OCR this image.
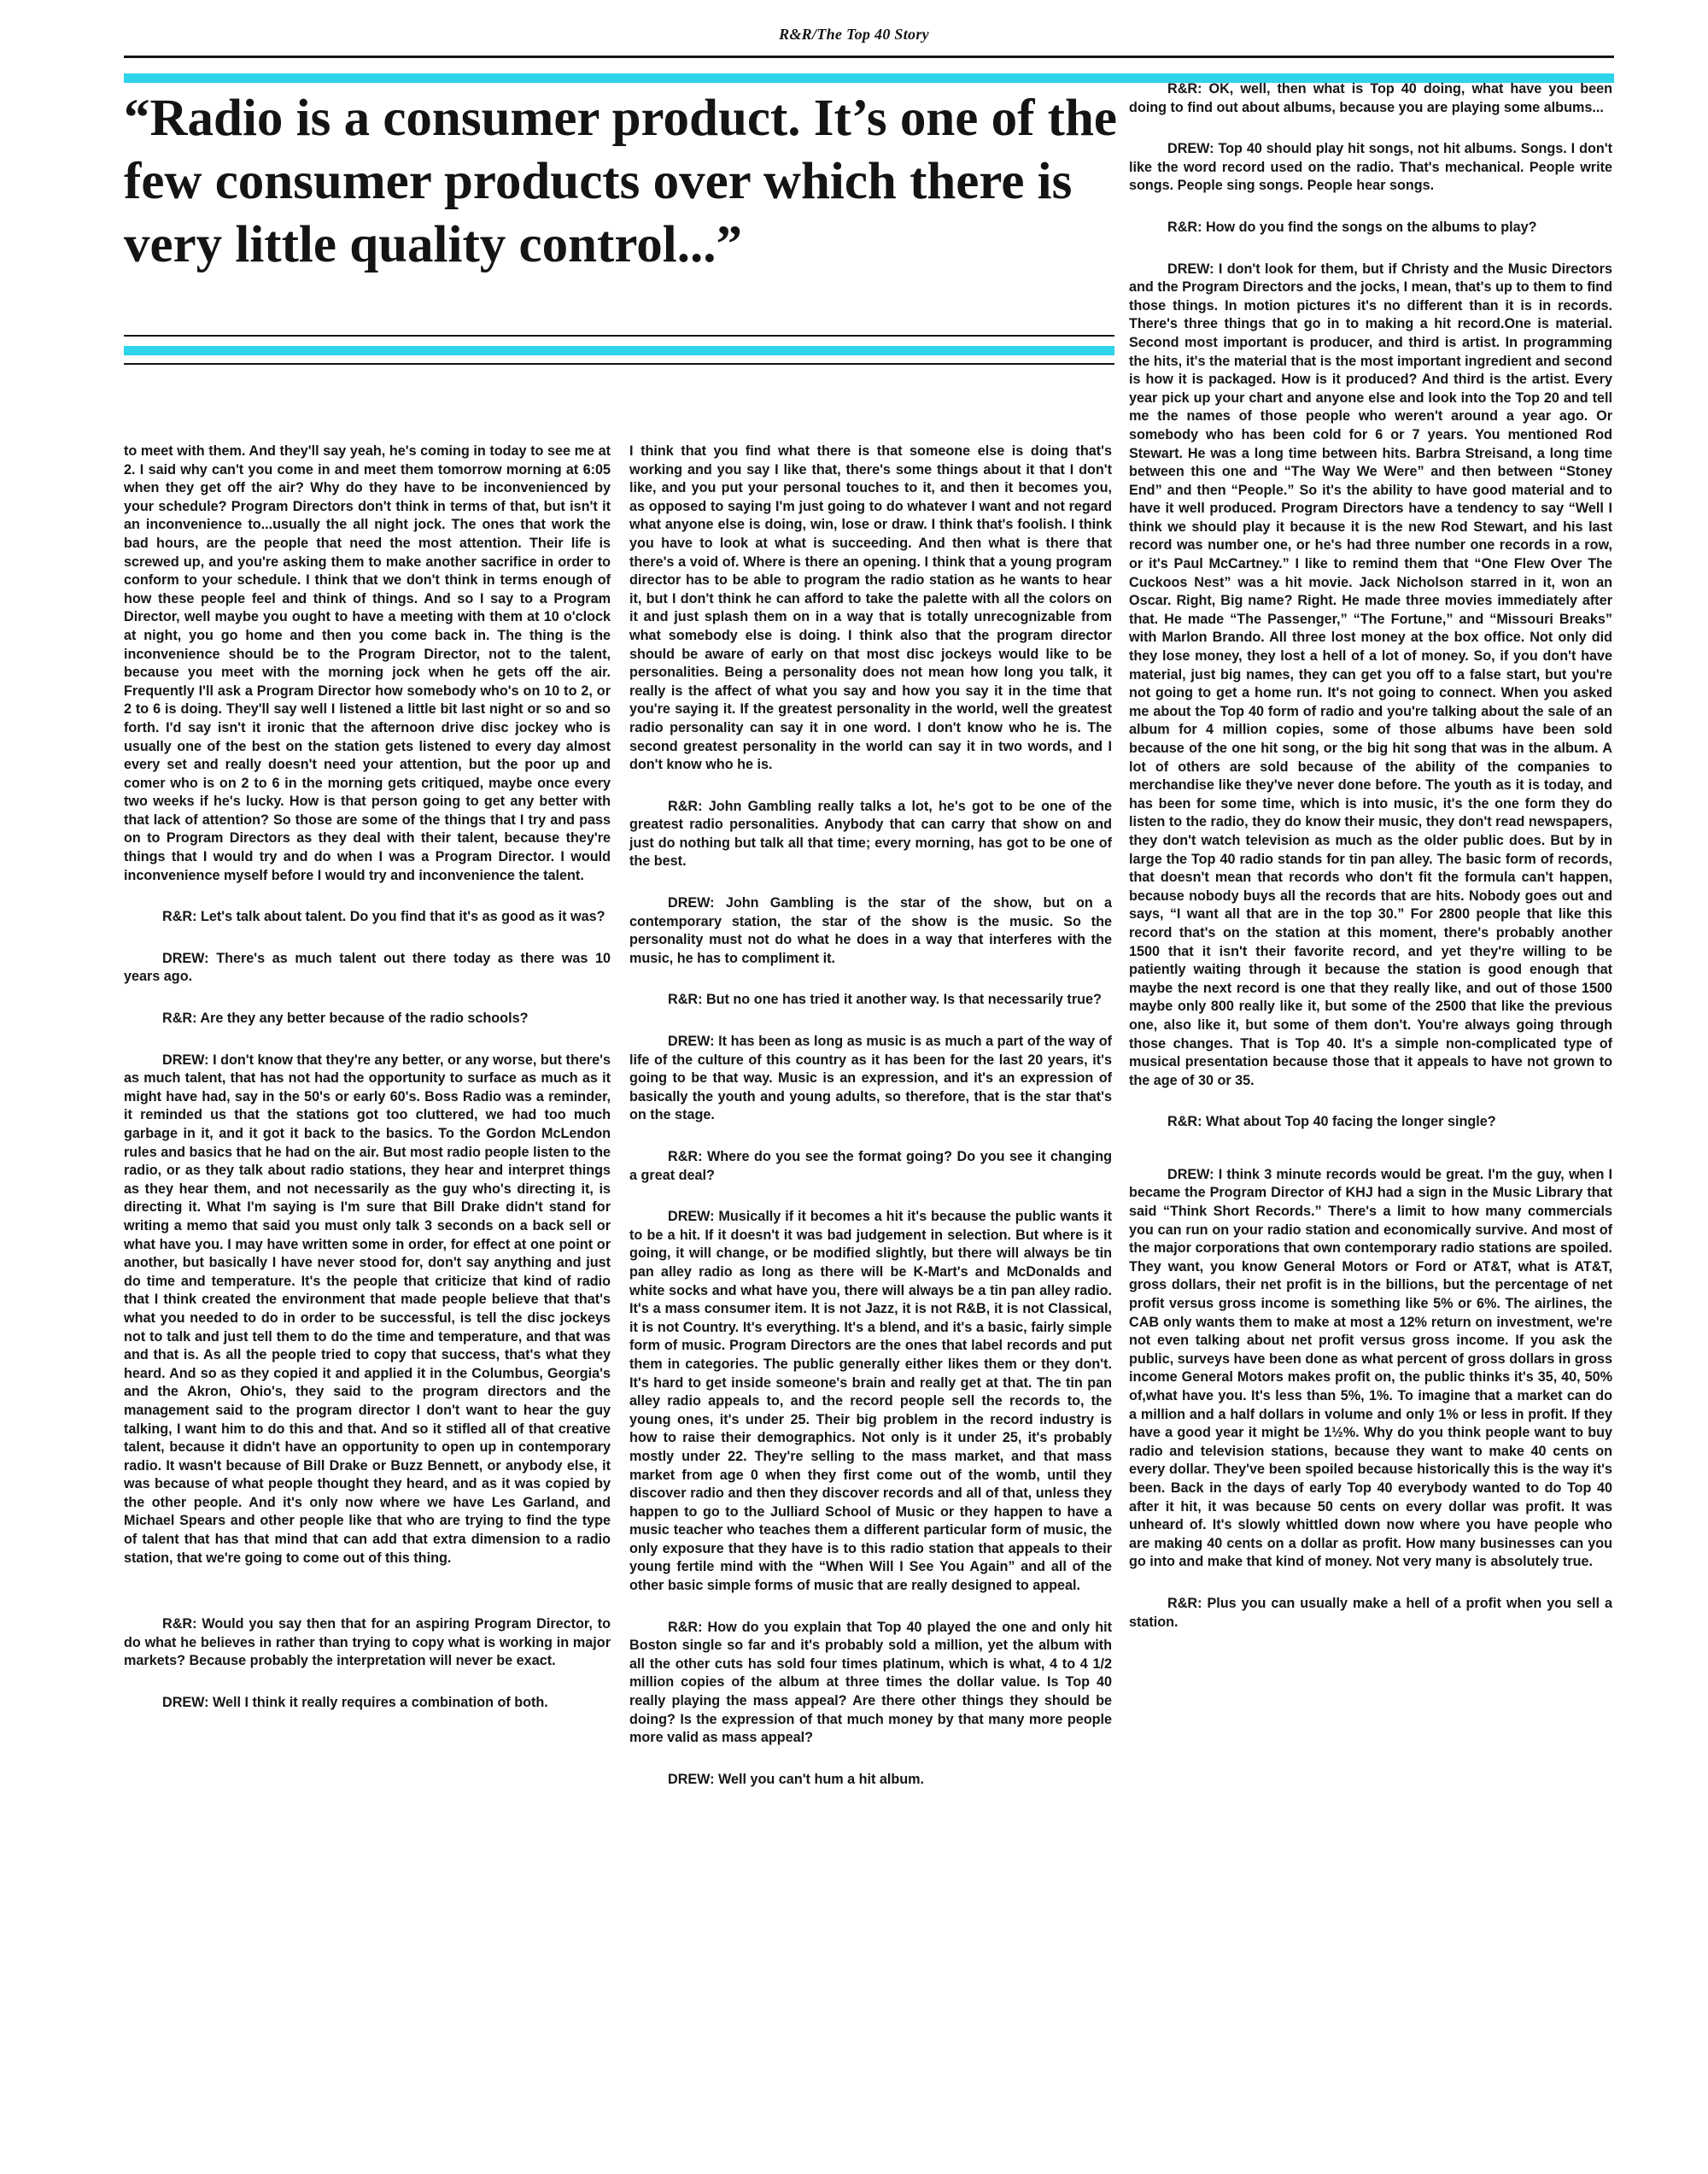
R&R/The Top 40 Story
“Radio is a consumer product. It’s one of the few consumer products over which there is very little quality control...”

to meet with them. And they'll say yeah, he's coming in today to see me at 2. I said why can't you come in and meet them tomorrow morning at 6:05 when they get off the air? Why do they have to be inconvenienced by your schedule? Program Directors don't think in terms of that, but isn't it an inconvenience to...usually the all night jock. The ones that work the bad hours, are the people that need the most attention. Their life is screwed up, and you're asking them to make another sacrifice in order to conform to your schedule. I think that we don't think in terms enough of how these people feel and think of things. And so I say to a Program Director, well maybe you ought to have a meeting with them at 10 o'clock at night, you go home and then you come back in. The thing is the inconvenience should be to the Program Director, not to the talent, because you meet with the morning jock when he gets off the air. Frequently I'll ask a Program Director how somebody who's on 10 to 2, or 2 to 6 is doing. They'll say well I listened a little bit last night or so and so forth. I'd say isn't it ironic that the afternoon drive disc jockey who is usually one of the best on the station gets listened to every day almost every set and really doesn't need your attention, but the poor up and comer who is on 2 to 6 in the morning gets critiqued, maybe once every two weeks if he's lucky. How is that person going to get any better with that lack of attention? So those are some of the things that I try and pass on to Program Directors as they deal with their talent, because they're things that I would try and do when I was a Program Director. I would inconvenience myself before I would try and inconvenience the talent.

R&R: Let's talk about talent. Do you find that it's as good as it was?

DREW: There's as much talent out there today as there was 10 years ago.

R&R: Are they any better because of the radio schools?

DREW: I don't know that they're any better, or any worse, but there's as much talent, that has not had the opportunity to surface as much as it might have had, say in the 50's or early 60's. Boss Radio was a reminder, it reminded us that the stations got too cluttered, we had too much garbage in it, and it got it back to the basics. To the Gordon McLendon rules and basics that he had on the air. But most radio people listen to the radio, or as they talk about radio stations, they hear and interpret things as they hear them, and not necessarily as the guy who's directing it, is directing it. What I'm saying is I'm sure that Bill Drake didn't stand for writing a memo that said you must only talk 3 seconds on a back sell or what have you. I may have written some in order, for effect at one point or another, but basically I have never stood for, don't say anything and just do time and temperature. It's the people that criticize that kind of radio that I think created the environment that made people believe that that's what you needed to do in order to be successful, is tell the disc jockeys not to talk and just tell them to do the time and temperature, and that was and that is. As all the people tried to copy that success, that's what they heard. And so as they copied it and applied it in the Columbus, Georgia's and the Akron, Ohio's, they said to the program directors and the management said to the program director I don't want to hear the guy talking, I want him to do this and that. And so it stifled all of that creative talent, because it didn't have an opportunity to open up in contemporary radio. It wasn't because of Bill Drake or Buzz Bennett, or anybody else, it was because of what people thought they heard, and as it was copied by the other people. And it's only now where we have Les Garland, and Michael Spears and other people like that who are trying to find the type of talent that has that mind that can add that extra dimension to a radio station, that we're going to come out of this thing.

R&R: Would you say then that for an aspiring Program Director, to do what he believes in rather than trying to copy what is working in major markets? Because probably the interpretation will never be exact.

DREW: Well I think it really requires a combination of both.

I think that you find what there is that someone else is doing that's working and you say I like that, there's some things about it that I don't like, and you put your personal touches to it, and then it becomes you, as opposed to saying I'm just going to do whatever I want and not regard what anyone else is doing, win, lose or draw. I think that's foolish. I think you have to look at what is succeeding. And then what is there that there's a void of. Where is there an opening. I think that a young program director has to be able to program the radio station as he wants to hear it, but I don't think he can afford to take the palette with all the colors on it and just splash them on in a way that is totally unrecognizable from what somebody else is doing. I think also that the program director should be aware of early on that most disc jockeys would like to be personalities. Being a personality does not mean how long you talk, it really is the affect of what you say and how you say it in the time that you're saying it. If the greatest personality in the world, well the greatest radio personality can say it in one word. I don't know who he is. The second greatest personality in the world can say it in two words, and I don't know who he is.

R&R: John Gambling really talks a lot, he's got to be one of the greatest radio personalities. Anybody that can carry that show on and just do nothing but talk all that time; every morning, has got to be one of the best.

DREW: John Gambling is the star of the show, but on a contemporary station, the star of the show is the music. So the personality must not do what he does in a way that interferes with the music, he has to compliment it.

R&R: But no one has tried it another way. Is that necessarily true?

DREW: It has been as long as music is as much a part of the way of life of the culture of this country as it has been for the last 20 years, it's going to be that way. Music is an expression, and it's an expression of basically the youth and young adults, so therefore, that is the star that's on the stage.

R&R: Where do you see the format going? Do you see it changing a great deal?

DREW: Musically if it becomes a hit it's because the public wants it to be a hit. If it doesn't it was bad judgement in selection. But where is it going, it will change, or be modified slightly, but there will always be tin pan alley radio as long as there will be K-Mart's and McDonalds and white socks and what have you, there will always be a tin pan alley radio. It's a mass consumer item. It is not Jazz, it is not R&B, it is not Classical, it is not Country. It's everything. It's a blend, and it's a basic, fairly simple form of music. Program Directors are the ones that label records and put them in categories. The public generally either likes them or they don't. It's hard to get inside someone's brain and really get at that. The tin pan alley radio appeals to, and the record people sell the records to, the young ones, it's under 25. Their big problem in the record industry is how to raise their demographics. Not only is it under 25, it's probably mostly under 22. They're selling to the mass market, and that mass market from age 0 when they first come out of the womb, until they discover radio and then they discover records and all of that, unless they happen to go to the Julliard School of Music or they happen to have a music teacher who teaches them a different particular form of music, the only exposure that they have is to this radio station that appeals to their young fertile mind with the “When Will I See You Again” and all of the other basic simple forms of music that are really designed to appeal.

R&R: How do you explain that Top 40 played the one and only hit Boston single so far and it's probably sold a million, yet the album with all the other cuts has sold four times platinum, which is what, 4 to 4 1/2 million copies of the album at three times the dollar value. Is Top 40 really playing the mass appeal? Are there other things they should be doing? Is the expression of that much money by that many more people more valid as mass appeal?

DREW: Well you can't hum a hit album.

R&R: OK, well, then what is Top 40 doing, what have you been doing to find out about albums, because you are playing some albums...

DREW: Top 40 should play hit songs, not hit albums. Songs. I don't like the word record used on the radio. That's mechanical. People write songs. People sing songs. People hear songs.

R&R: How do you find the songs on the albums to play?

DREW: I don't look for them, but if Christy and the Music Directors and the Program Directors and the jocks, I mean, that's up to them to find those things. In motion pictures it's no different than it is in records. There's three things that go in to making a hit record.One is material. Second most important is producer, and third is artist. In programming the hits, it's the material that is the most important ingredient and second is how it is packaged. How is it produced? And third is the artist. Every year pick up your chart and anyone else and look into the Top 20 and tell me the names of those people who weren't around a year ago. Or somebody who has been cold for 6 or 7 years. You mentioned Rod Stewart. He was a long time between hits. Barbra Streisand, a long time between this one and “The Way We Were” and then between “Stoney End” and then “People.” So it's the ability to have good material and to have it well produced. Program Directors have a tendency to say “Well I think we should play it because it is the new Rod Stewart, and his last record was number one, or he's had three number one records in a row, or it's Paul McCartney.” I like to remind them that “One Flew Over The Cuckoos Nest” was a hit movie. Jack Nicholson starred in it, won an Oscar. Right, Big name? Right. He made three movies immediately after that. He made “The Passenger,” “The Fortune,” and “Missouri Breaks” with Marlon Brando. All three lost money at the box office. Not only did they lose money, they lost a hell of a lot of money. So, if you don't have material, just big names, they can get you off to a false start, but you're not going to get a home run. It's not going to connect. When you asked me about the Top 40 form of radio and you're talking about the sale of an album for 4 million copies, some of those albums have been sold because of the one hit song, or the big hit song that was in the album. A lot of others are sold because of the ability of the companies to merchandise like they've never done before. The youth as it is today, and has been for some time, which is into music, it's the one form they do listen to the radio, they do know their music, they don't read newspapers, they don't watch television as much as the older public does. But by in large the Top 40 radio stands for tin pan alley. The basic form of records, that doesn't mean that records who don't fit the formula can't happen, because nobody buys all the records that are hits. Nobody goes out and says, “I want all that are in the top 30.” For 2800 people that like this record that's on the station at this moment, there's probably another 1500 that it isn't their favorite record, and yet they're willing to be patiently waiting through it because the station is good enough that maybe the next record is one that they really like, and out of those 1500 maybe only 800 really like it, but some of the 2500 that like the previous one, also like it, but some of them don't. You're always going through those changes. That is Top 40. It's a simple non-complicated type of musical presentation because those that it appeals to have not grown to the age of 30 or 35.

R&R: What about Top 40 facing the longer single?

DREW: I think 3 minute records would be great. I'm the guy, when I became the Program Director of KHJ had a sign in the Music Library that said “Think Short Records.” There's a limit to how many commercials you can run on your radio station and economically survive. And most of the major corporations that own contemporary radio stations are spoiled. They want, you know General Motors or Ford or AT&T, what is AT&T, gross dollars, their net profit is in the billions, but the percentage of net profit versus gross income is something like 5% or 6%. The airlines, the CAB only wants them to make at most a 12% return on investment, we're not even talking about net profit versus gross income. If you ask the public, surveys have been done as what percent of gross dollars in gross income General Motors makes profit on, the public thinks it's 35, 40, 50% of,what have you. It's less than 5%, 1%. To imagine that a market can do a million and a half dollars in volume and only 1% or less in profit. If they have a good year it might be 1½%. Why do you think people want to buy radio and television stations, because they want to make 40 cents on every dollar. They've been spoiled because historically this is the way it's been. Back in the days of early Top 40 everybody wanted to do Top 40 after it hit, it was because 50 cents on every dollar was profit. It was unheard of. It's slowly whittled down now where you have people who are making 40 cents on a dollar as profit. How many businesses can you go into and make that kind of money. Not very many is absolutely true.

R&R: Plus you can usually make a hell of a profit when you sell a station.
